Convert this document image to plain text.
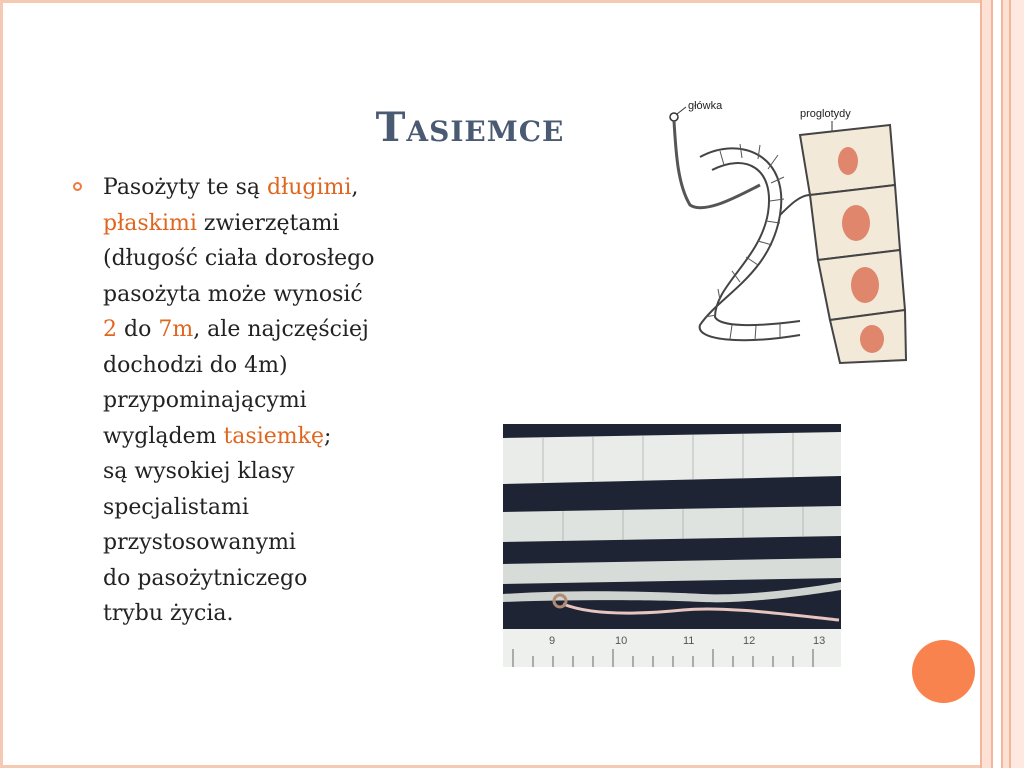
Tasiemce
Pasożyty te są długimi,
płaskimi zwierzętami
(długość ciała dorosłego
pasożyta może wynosić
2 do 7m, ale najczęściej
dochodzi do 4m)
przypominającymi
wyglądem tasiemkę;
są wysokiej klasy
specjalistami
przystosowanymi
do pasożytniczego
trybu życia.
główka
proglotydy
9	10	11	12	13
